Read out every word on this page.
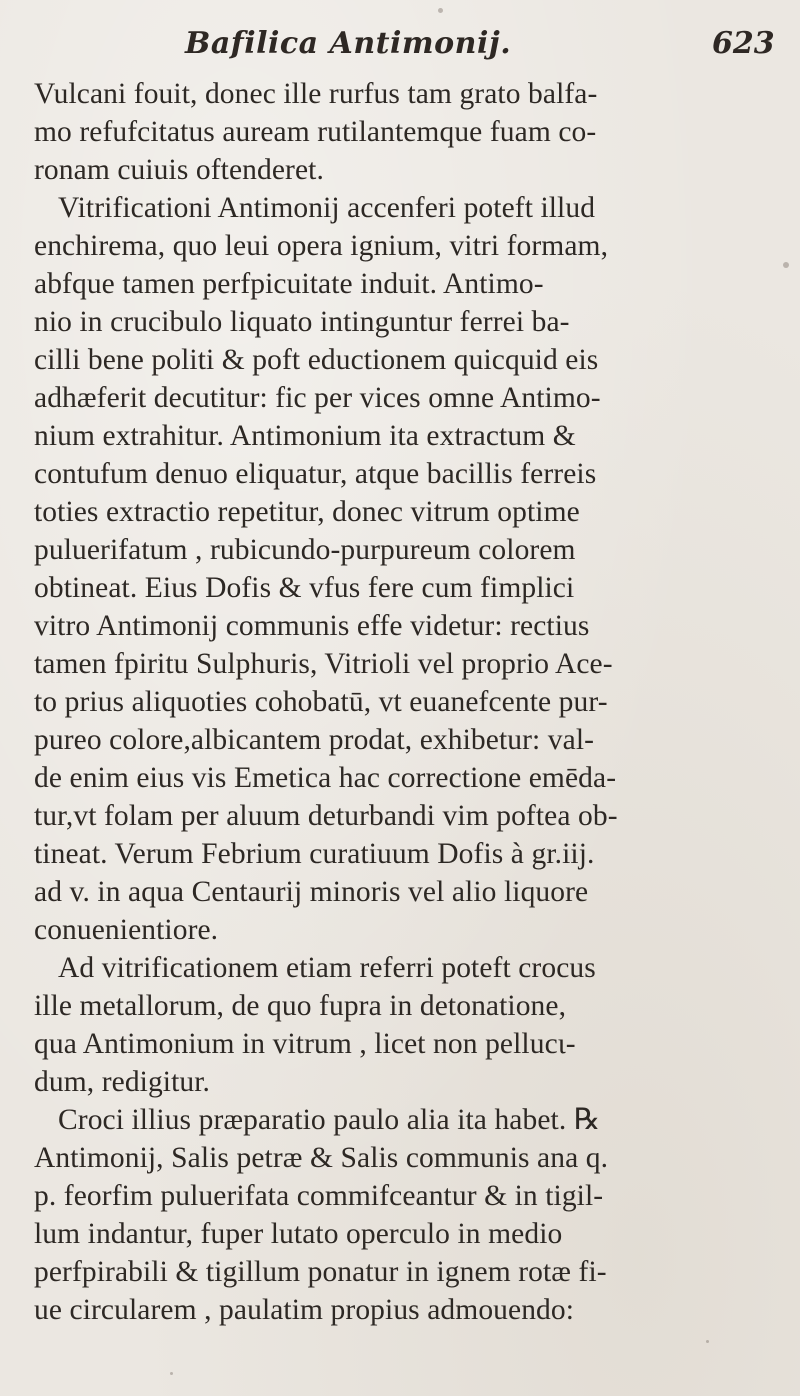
Bafilica Antimonij.	623
Vulcani fouit, donec ille rurfus tam grato balfa-
mo refufcitatus auream rutilantemque fuam co-
ronam cuiuis oftenderet.
Vitrificationi Antimonij accenferi poteft illud
enchirema, quo leui opera ignium, vitri formam,
abfque tamen perfpicuitate induit. Antimo-
nio in crucibulo liquato intinguntur ferrei ba-
cilli bene politi & poft eductionem quicquid eis
adhæferit decutitur: fic per vices omne Antimo-
nium extrahitur. Antimonium ita extractum &
contufum denuo eliquatur, atque bacillis ferreis
toties extractio repetitur, donec vitrum optime
puluerifatum , rubicundo-purpureum colorem
obtineat. Eius Dofis & vfus fere cum fimplici
vitro Antimonij communis effe videtur: rectius
tamen fpiritu Sulphuris, Vitrioli vel proprio Ace-
to prius aliquoties cohobatū, vt euanefcente pur-
pureo colore,albicantem prodat, exhibetur: val-
de enim eius vis Emetica hac correctione emēda-
tur,vt folam per aluum deturbandi vim poftea ob-
tineat. Verum Febrium curatiuum Dofis à gr.iij.
ad v. in aqua Centaurij minoris vel alio liquore
conuenientiore.
Ad vitrificationem etiam referri poteft crocus
ille metallorum, de quo fupra in detonatione,
qua Antimonium in vitrum , licet non pellucι-
dum, redigitur.
Croci illius præparatio paulo alia ita habet. ℞
Antimonij, Salis petræ & Salis communis ana q.
p. feorfim puluerifata commifceantur & in tigil-
lum indantur, fuper lutato operculo in medio
perfpirabili & tigillum ponatur in ignem rotæ fi-
ue circularem , paulatim propius admouendo:
